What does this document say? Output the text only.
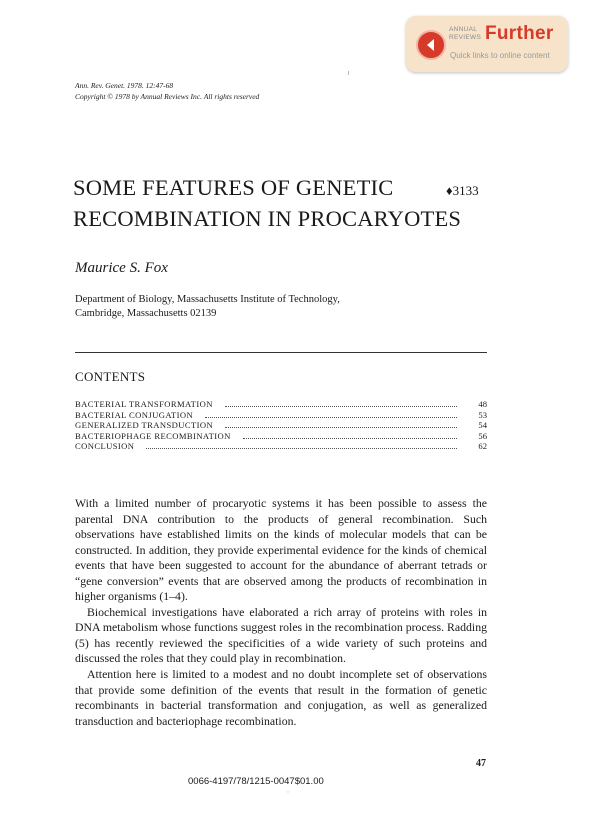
ANNUAL
REVIEWS Further
Quick links to online content
Ann. Rev. Genet. 1978. 12:47-68
Copyright © 1978 by Annual Reviews Inc. All rights reserved
SOME FEATURES OF GENETIC
RECOMBINATION IN PROCARYOTES
♦3133
Maurice S. Fox
Department of Biology, Massachusetts Institute of Technology,
Cambridge, Massachusetts 02139
CONTENTS
BACTERIAL TRANSFORMATION	48
BACTERIAL CONJUGATION	53
GENERALIZED TRANSDUCTION	54
BACTERIOPHAGE RECOMBINATION	56
CONCLUSION	62

With a limited number of procaryotic systems it has been possible to assess the parental DNA contribution to the products of general recombination. Such observations have established limits on the kinds of molecular models that can be constructed. In addition, they provide experimental evidence for the kinds of chemical events that have been suggested to account for the abundance of aberrant tetrads or “gene conversion” events that are observed among the products of recombination in higher organisms (1–4).

Biochemical investigations have elaborated a rich array of proteins with roles in DNA metabolism whose functions suggest roles in the recombination process. Radding (5) has recently reviewed the specificities of a wide variety of such proteins and discussed the roles that they could play in recombination.

Attention here is limited to a modest and no doubt incomplete set of observations that provide some definition of the events that result in the formation of genetic recombinants in bacterial transformation and conjugation, as well as generalized transduction and bacteriophage recombination.

47
0066-4197/78/1215-0047$01.00
ˆ
